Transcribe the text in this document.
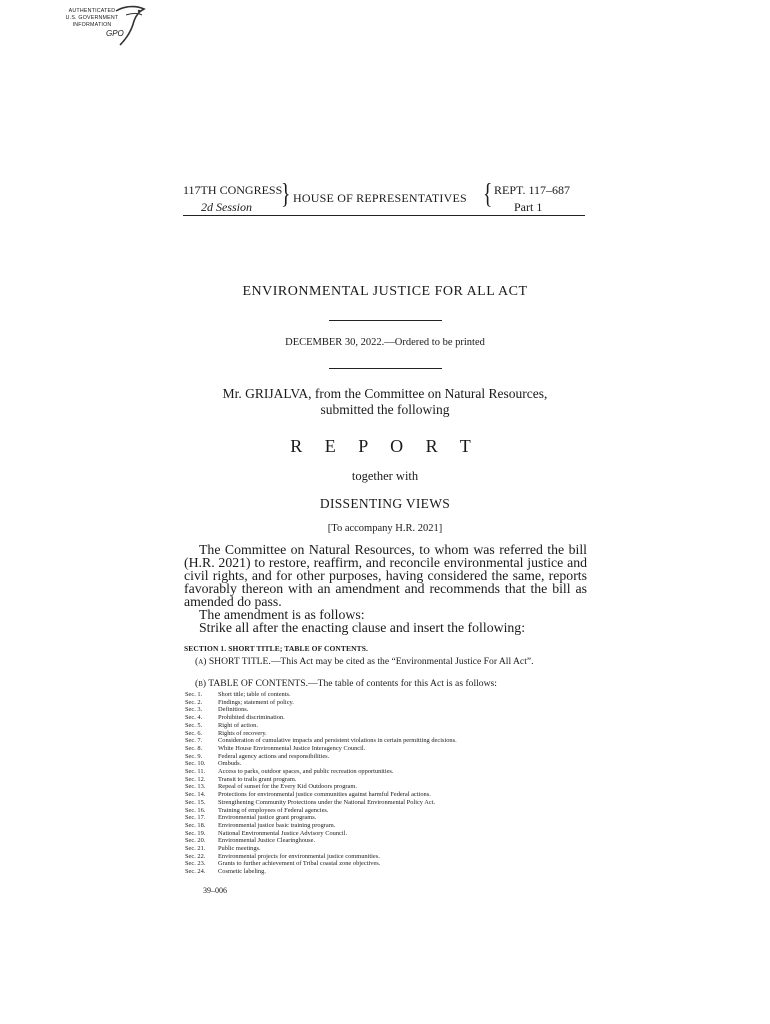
AUTHENTICATED
U.S. GOVERNMENT
INFORMATION
GPO
117TH CONGRESS
2d Session	} HOUSE OF REPRESENTATIVES { REPT. 117–687
Part 1
ENVIRONMENTAL JUSTICE FOR ALL ACT
DECEMBER 30, 2022.—Ordered to be printed
Mr. GRIJALVA, from the Committee on Natural Resources,
submitted the following
R E P O R T
together with
DISSENTING VIEWS
[To accompany H.R. 2021]

The Committee on Natural Resources, to whom was referred the bill (H.R. 2021) to restore, reaffirm, and reconcile environmental justice and civil rights, and for other purposes, having considered the same, reports favorably thereon with an amendment and recommends that the bill as amended do pass.

The amendment is as follows:

Strike all after the enacting clause and insert the following:

SECTION 1. SHORT TITLE; TABLE OF CONTENTS.
(a) SHORT TITLE.—This Act may be cited as the “Environmental Justice For All Act”.
(b) TABLE OF CONTENTS.—The table of contents for this Act is as follows:
Sec. 1. Short title; table of contents.
Sec. 2. Findings; statement of policy.
Sec. 3. Definitions.
Sec. 4. Prohibited discrimination.
Sec. 5. Right of action.
Sec. 6. Rights of recovery.
Sec. 7. Consideration of cumulative impacts and persistent violations in certain permitting decisions.
Sec. 8. White House Environmental Justice Interagency Council.
Sec. 9. Federal agency actions and responsibilities.
Sec. 10. Ombuds.
Sec. 11. Access to parks, outdoor spaces, and public recreation opportunities.
Sec. 12. Transit to trails grant program.
Sec. 13. Repeal of sunset for the Every Kid Outdoors program.
Sec. 14. Protections for environmental justice communities against harmful Federal actions.
Sec. 15. Strengthening Community Protections under the National Environmental Policy Act.
Sec. 16. Training of employees of Federal agencies.
Sec. 17. Environmental justice grant programs.
Sec. 18. Environmental justice basic training program.
Sec. 19. National Environmental Justice Advisory Council.
Sec. 20. Environmental Justice Clearinghouse.
Sec. 21. Public meetings.
Sec. 22. Environmental projects for environmental justice communities.
Sec. 23. Grants to further achievement of Tribal coastal zone objectives.
Sec. 24. Cosmetic labeling.
39–006
